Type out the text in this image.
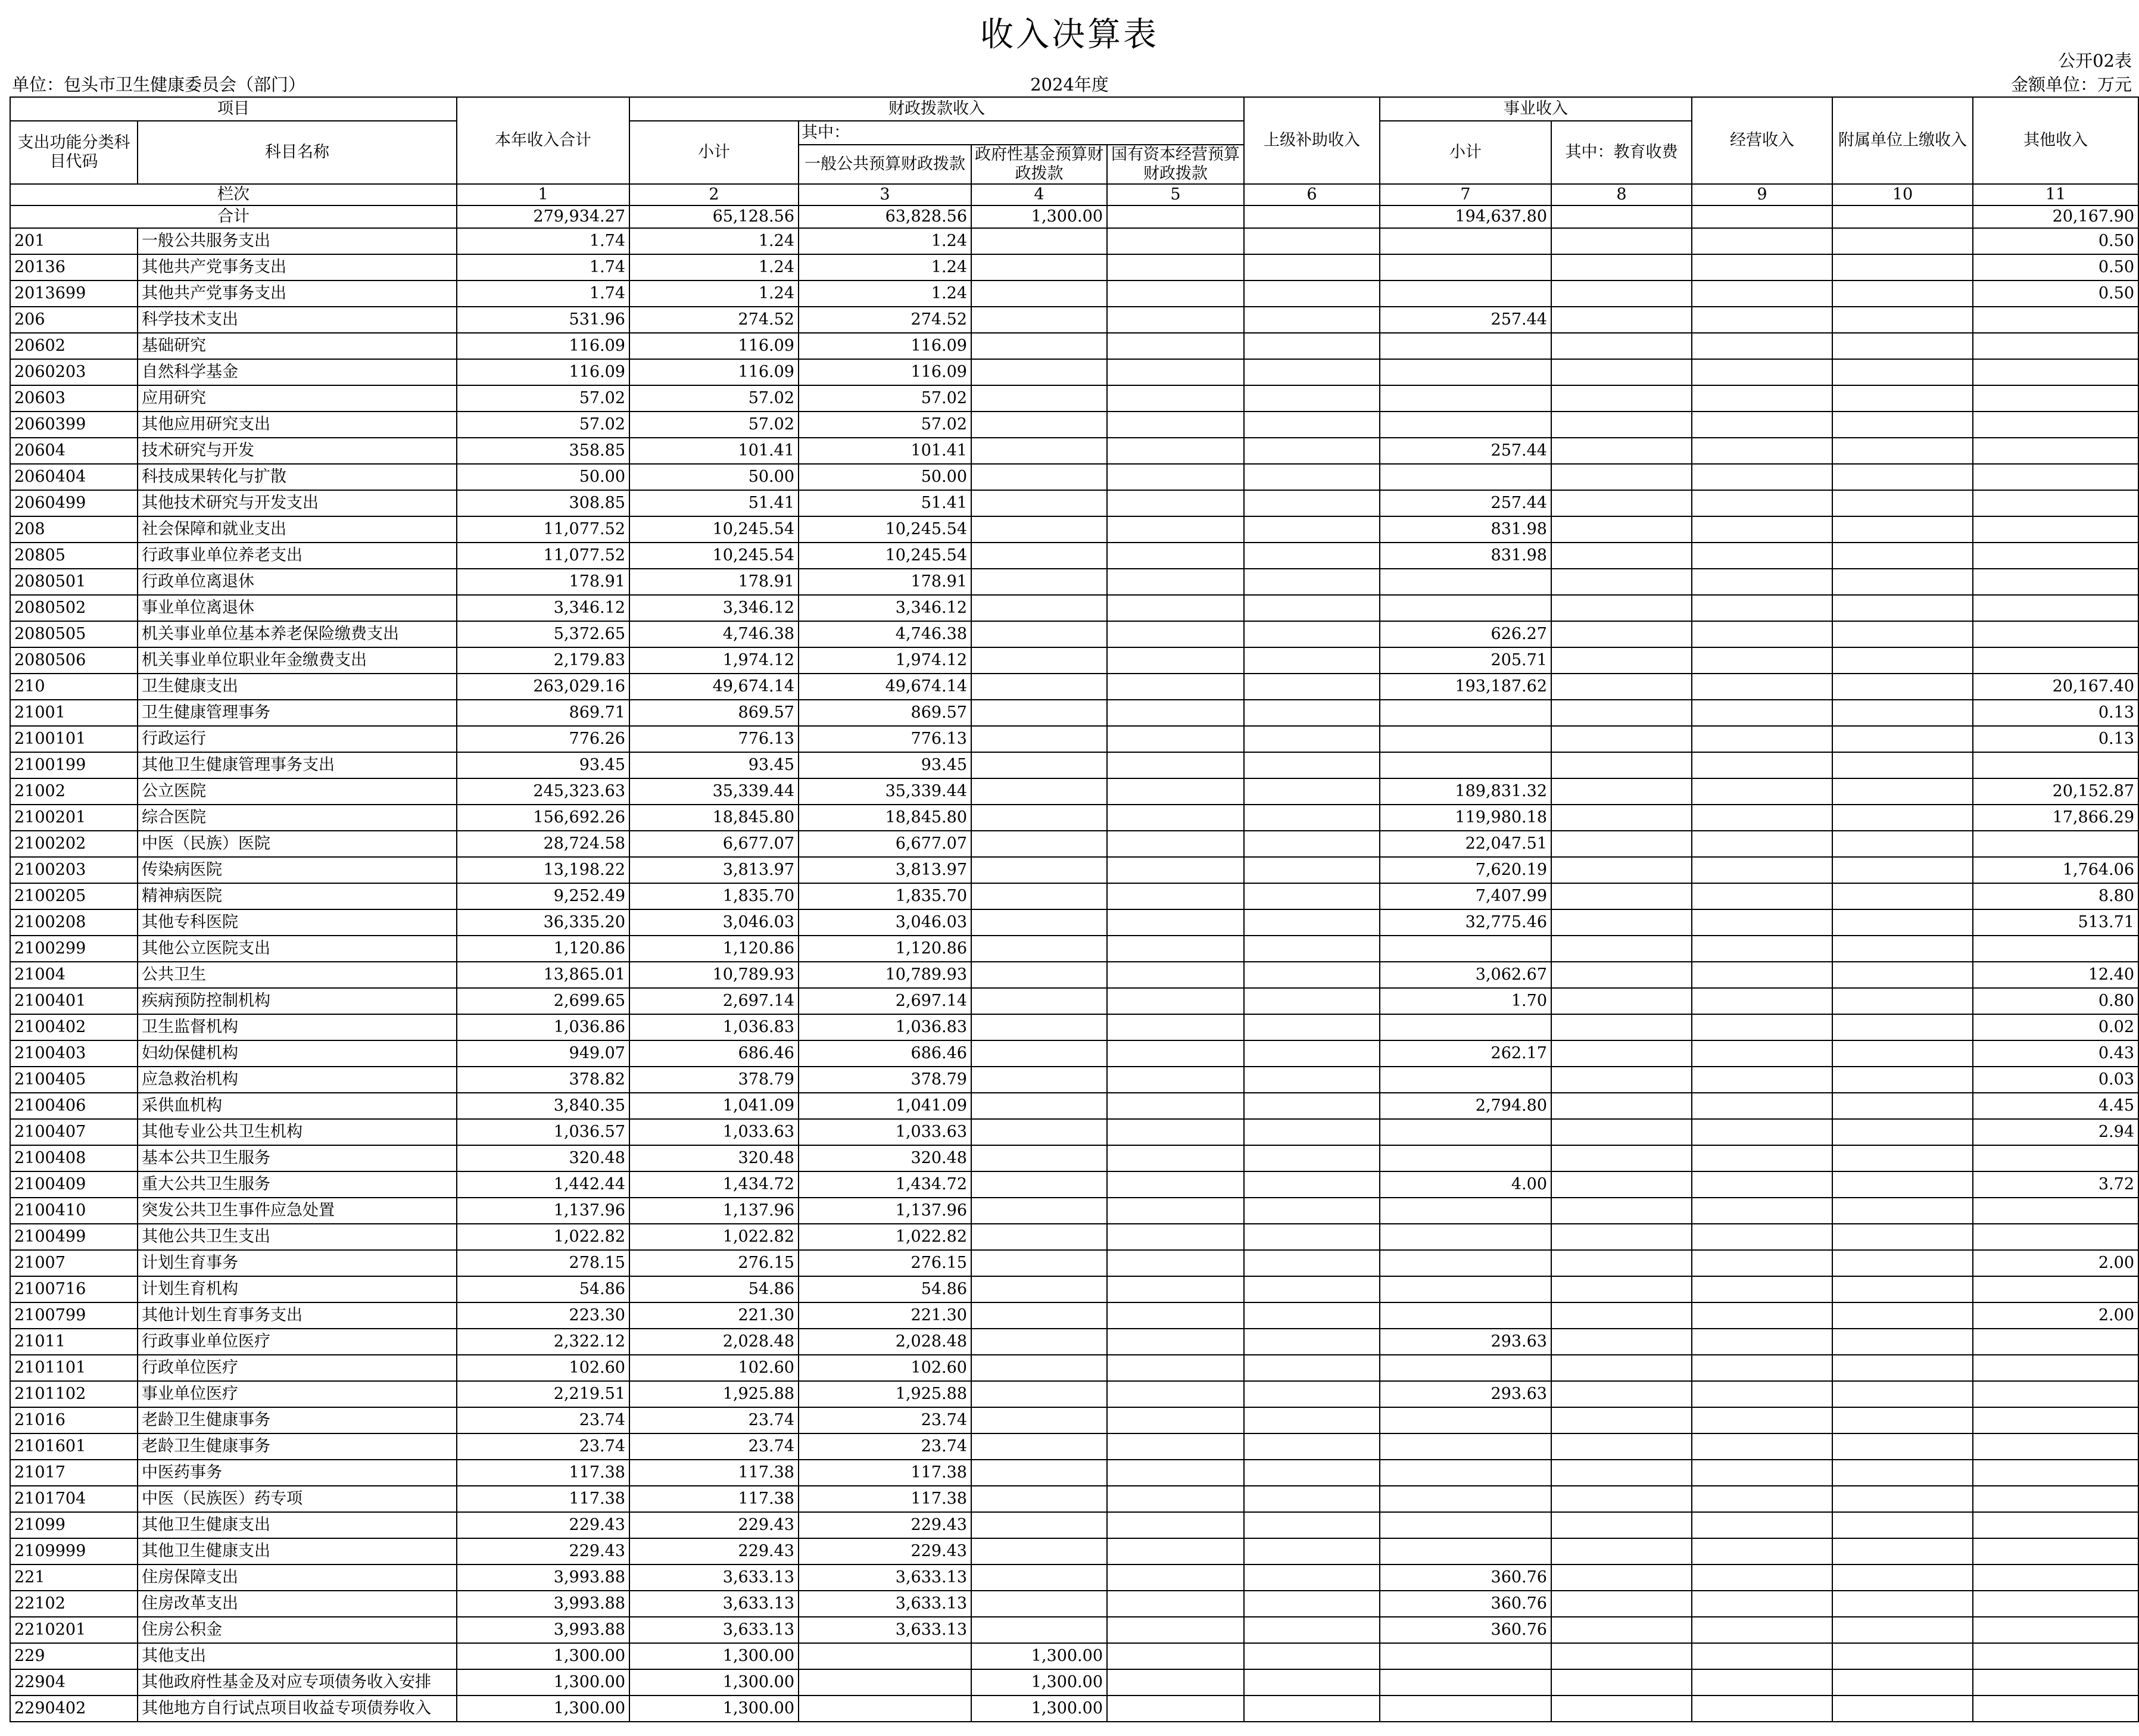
收入决算表
公开02表
单位：包头市卫生健康委员会（部门）	2024年度	金额单位：万元
项目		本年收入合计	财政拨款收入				上级补助收入	事业收入		经营收入	附属单位上缴收入	其他收入
支出功能分类科目代码	科目名称		小计	其中：				小计	其中：教育收费			
				一般公共预算财政拨款	政府性基金预算财政拨款	国有资本经营预算财政拨款						
栏次		1	2	3	4	5	6	7	8	9	10	11
合计		279,934.27	65,128.56	63,828.56	1,300.00			194,637.80				20,167.90
201	一般公共服务支出	1.74	1.24	1.24								0.50
20136	其他共产党事务支出	1.74	1.24	1.24								0.50
2013699	其他共产党事务支出	1.74	1.24	1.24								0.50
206	科学技术支出	531.96	274.52	274.52				257.44				
20602	基础研究	116.09	116.09	116.09								
2060203	自然科学基金	116.09	116.09	116.09								
20603	应用研究	57.02	57.02	57.02								
2060399	其他应用研究支出	57.02	57.02	57.02								
20604	技术研究与开发	358.85	101.41	101.41				257.44				
2060404	科技成果转化与扩散	50.00	50.00	50.00								
2060499	其他技术研究与开发支出	308.85	51.41	51.41				257.44				
208	社会保障和就业支出	11,077.52	10,245.54	10,245.54				831.98				
20805	行政事业单位养老支出	11,077.52	10,245.54	10,245.54				831.98				
2080501	行政单位离退休	178.91	178.91	178.91								
2080502	事业单位离退休	3,346.12	3,346.12	3,346.12								
2080505	机关事业单位基本养老保险缴费支出	5,372.65	4,746.38	4,746.38				626.27				
2080506	机关事业单位职业年金缴费支出	2,179.83	1,974.12	1,974.12				205.71				
210	卫生健康支出	263,029.16	49,674.14	49,674.14				193,187.62				20,167.40
21001	卫生健康管理事务	869.71	869.57	869.57								0.13
2100101	行政运行	776.26	776.13	776.13								0.13
2100199	其他卫生健康管理事务支出	93.45	93.45	93.45								
21002	公立医院	245,323.63	35,339.44	35,339.44				189,831.32				20,152.87
2100201	综合医院	156,692.26	18,845.80	18,845.80				119,980.18				17,866.29
2100202	中医（民族）医院	28,724.58	6,677.07	6,677.07				22,047.51				
2100203	传染病医院	13,198.22	3,813.97	3,813.97				7,620.19				1,764.06
2100205	精神病医院	9,252.49	1,835.70	1,835.70				7,407.99				8.80
2100208	其他专科医院	36,335.20	3,046.03	3,046.03				32,775.46				513.71
2100299	其他公立医院支出	1,120.86	1,120.86	1,120.86								
21004	公共卫生	13,865.01	10,789.93	10,789.93				3,062.67				12.40
2100401	疾病预防控制机构	2,699.65	2,697.14	2,697.14				1.70				0.80
2100402	卫生监督机构	1,036.86	1,036.83	1,036.83								0.02
2100403	妇幼保健机构	949.07	686.46	686.46				262.17				0.43
2100405	应急救治机构	378.82	378.79	378.79								0.03
2100406	采供血机构	3,840.35	1,041.09	1,041.09				2,794.80				4.45
2100407	其他专业公共卫生机构	1,036.57	1,033.63	1,033.63								2.94
2100408	基本公共卫生服务	320.48	320.48	320.48								
2100409	重大公共卫生服务	1,442.44	1,434.72	1,434.72				4.00				3.72
2100410	突发公共卫生事件应急处置	1,137.96	1,137.96	1,137.96								
2100499	其他公共卫生支出	1,022.82	1,022.82	1,022.82								
21007	计划生育事务	278.15	276.15	276.15								2.00
2100716	计划生育机构	54.86	54.86	54.86								
2100799	其他计划生育事务支出	223.30	221.30	221.30								2.00
21011	行政事业单位医疗	2,322.12	2,028.48	2,028.48				293.63				
2101101	行政单位医疗	102.60	102.60	102.60								
2101102	事业单位医疗	2,219.51	1,925.88	1,925.88				293.63				
21016	老龄卫生健康事务	23.74	23.74	23.74								
2101601	老龄卫生健康事务	23.74	23.74	23.74								
21017	中医药事务	117.38	117.38	117.38								
2101704	中医（民族医）药专项	117.38	117.38	117.38								
21099	其他卫生健康支出	229.43	229.43	229.43								
2109999	其他卫生健康支出	229.43	229.43	229.43								
221	住房保障支出	3,993.88	3,633.13	3,633.13				360.76				
22102	住房改革支出	3,993.88	3,633.13	3,633.13				360.76				
2210201	住房公积金	3,993.88	3,633.13	3,633.13				360.76				
229	其他支出	1,300.00	1,300.00		1,300.00							
22904	其他政府性基金及对应专项债务收入安排	1,300.00	1,300.00		1,300.00							
2290402	其他地方自行试点项目收益专项债券收入	1,300.00	1,300.00		1,300.00							
